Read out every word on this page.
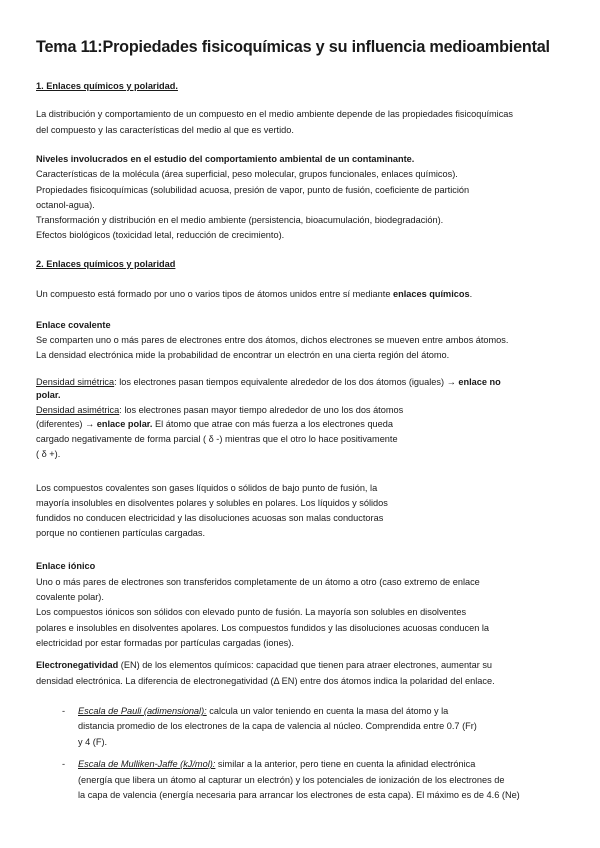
Tema 11:Propiedades fisicoquímicas y su influencia medioambiental
1. Enlaces químicos y polaridad.
La distribución y comportamiento de un compuesto en el medio ambiente depende de las propiedades fisicoquímicas
del compuesto y las características del medio al que es vertido.
Niveles involucrados en el estudio del comportamiento ambiental de un contaminante.
Características de la molécula (área superficial, peso molecular, grupos funcionales, enlaces químicos).
Propiedades fisicoquímicas (solubilidad acuosa, presión de vapor, punto de fusión, coeficiente de partición
octanol-agua).
Transformación y distribución en el medio ambiente (persistencia, bioacumulación, biodegradación).
Efectos biológicos (toxicidad letal, reducción de crecimiento).
2. Enlaces químicos y polaridad
Un compuesto está formado por uno o varios tipos de átomos unidos entre sí mediante enlaces químicos.
Enlace covalente
Se comparten uno o más pares de electrones entre dos átomos, dichos electrones se mueven entre ambos átomos.
La densidad electrónica mide la probabilidad de encontrar un electrón en una cierta región del átomo.
Densidad simétrica: los electrones pasan tiempos equivalente alrededor de los dos átomos (iguales) → enlace no
polar.
Densidad asimétrica: los electrones pasan mayor tiempo alrededor de uno los dos átomos
(diferentes) → enlace polar. El átomo que atrae con más fuerza a los electrones queda
cargado negativamente de forma parcial ( δ -) mientras que el otro lo hace positivamente
( δ +).
Los compuestos covalentes son gases líquidos o sólidos de bajo punto de fusión, la
mayoría insolubles en disolventes polares y solubles en polares. Los líquidos y sólidos
fundidos no conducen electricidad y las disoluciones acuosas son malas conductoras
porque no contienen partículas cargadas.
Enlace iónico
Uno o más pares de electrones son transferidos completamente de un átomo a otro (caso extremo de enlace
covalente polar).
Los compuestos iónicos son sólidos con elevado punto de fusión. La mayoría son solubles en disolventes
polares e insolubles en disolventes apolares. Los compuestos fundidos y las disoluciones acuosas conducen la
electricidad por estar formadas por partículas cargadas (iones).
Electronegatividad (EN) de los elementos químicos: capacidad que tienen para atraer electrones, aumentar su
densidad electrónica. La diferencia de electronegatividad (Δ EN) entre dos átomos indica la polaridad del enlace.
- Escala de Pauli (adimensional): calcula un valor teniendo en cuenta la masa del átomo y la
distancia promedio de los electrones de la capa de valencia al núcleo. Comprendida entre 0.7 (Fr)
y 4 (F).
- Escala de Mulliken-Jaffe (kJ/mol): similar a la anterior, pero tiene en cuenta la afinidad electrónica
(energía que libera un átomo al capturar un electrón) y los potenciales de ionización de los electrones de
la capa de valencia (energía necesaria para arrancar los electrones de esta capa). El máximo es de 4.6 (Ne)
